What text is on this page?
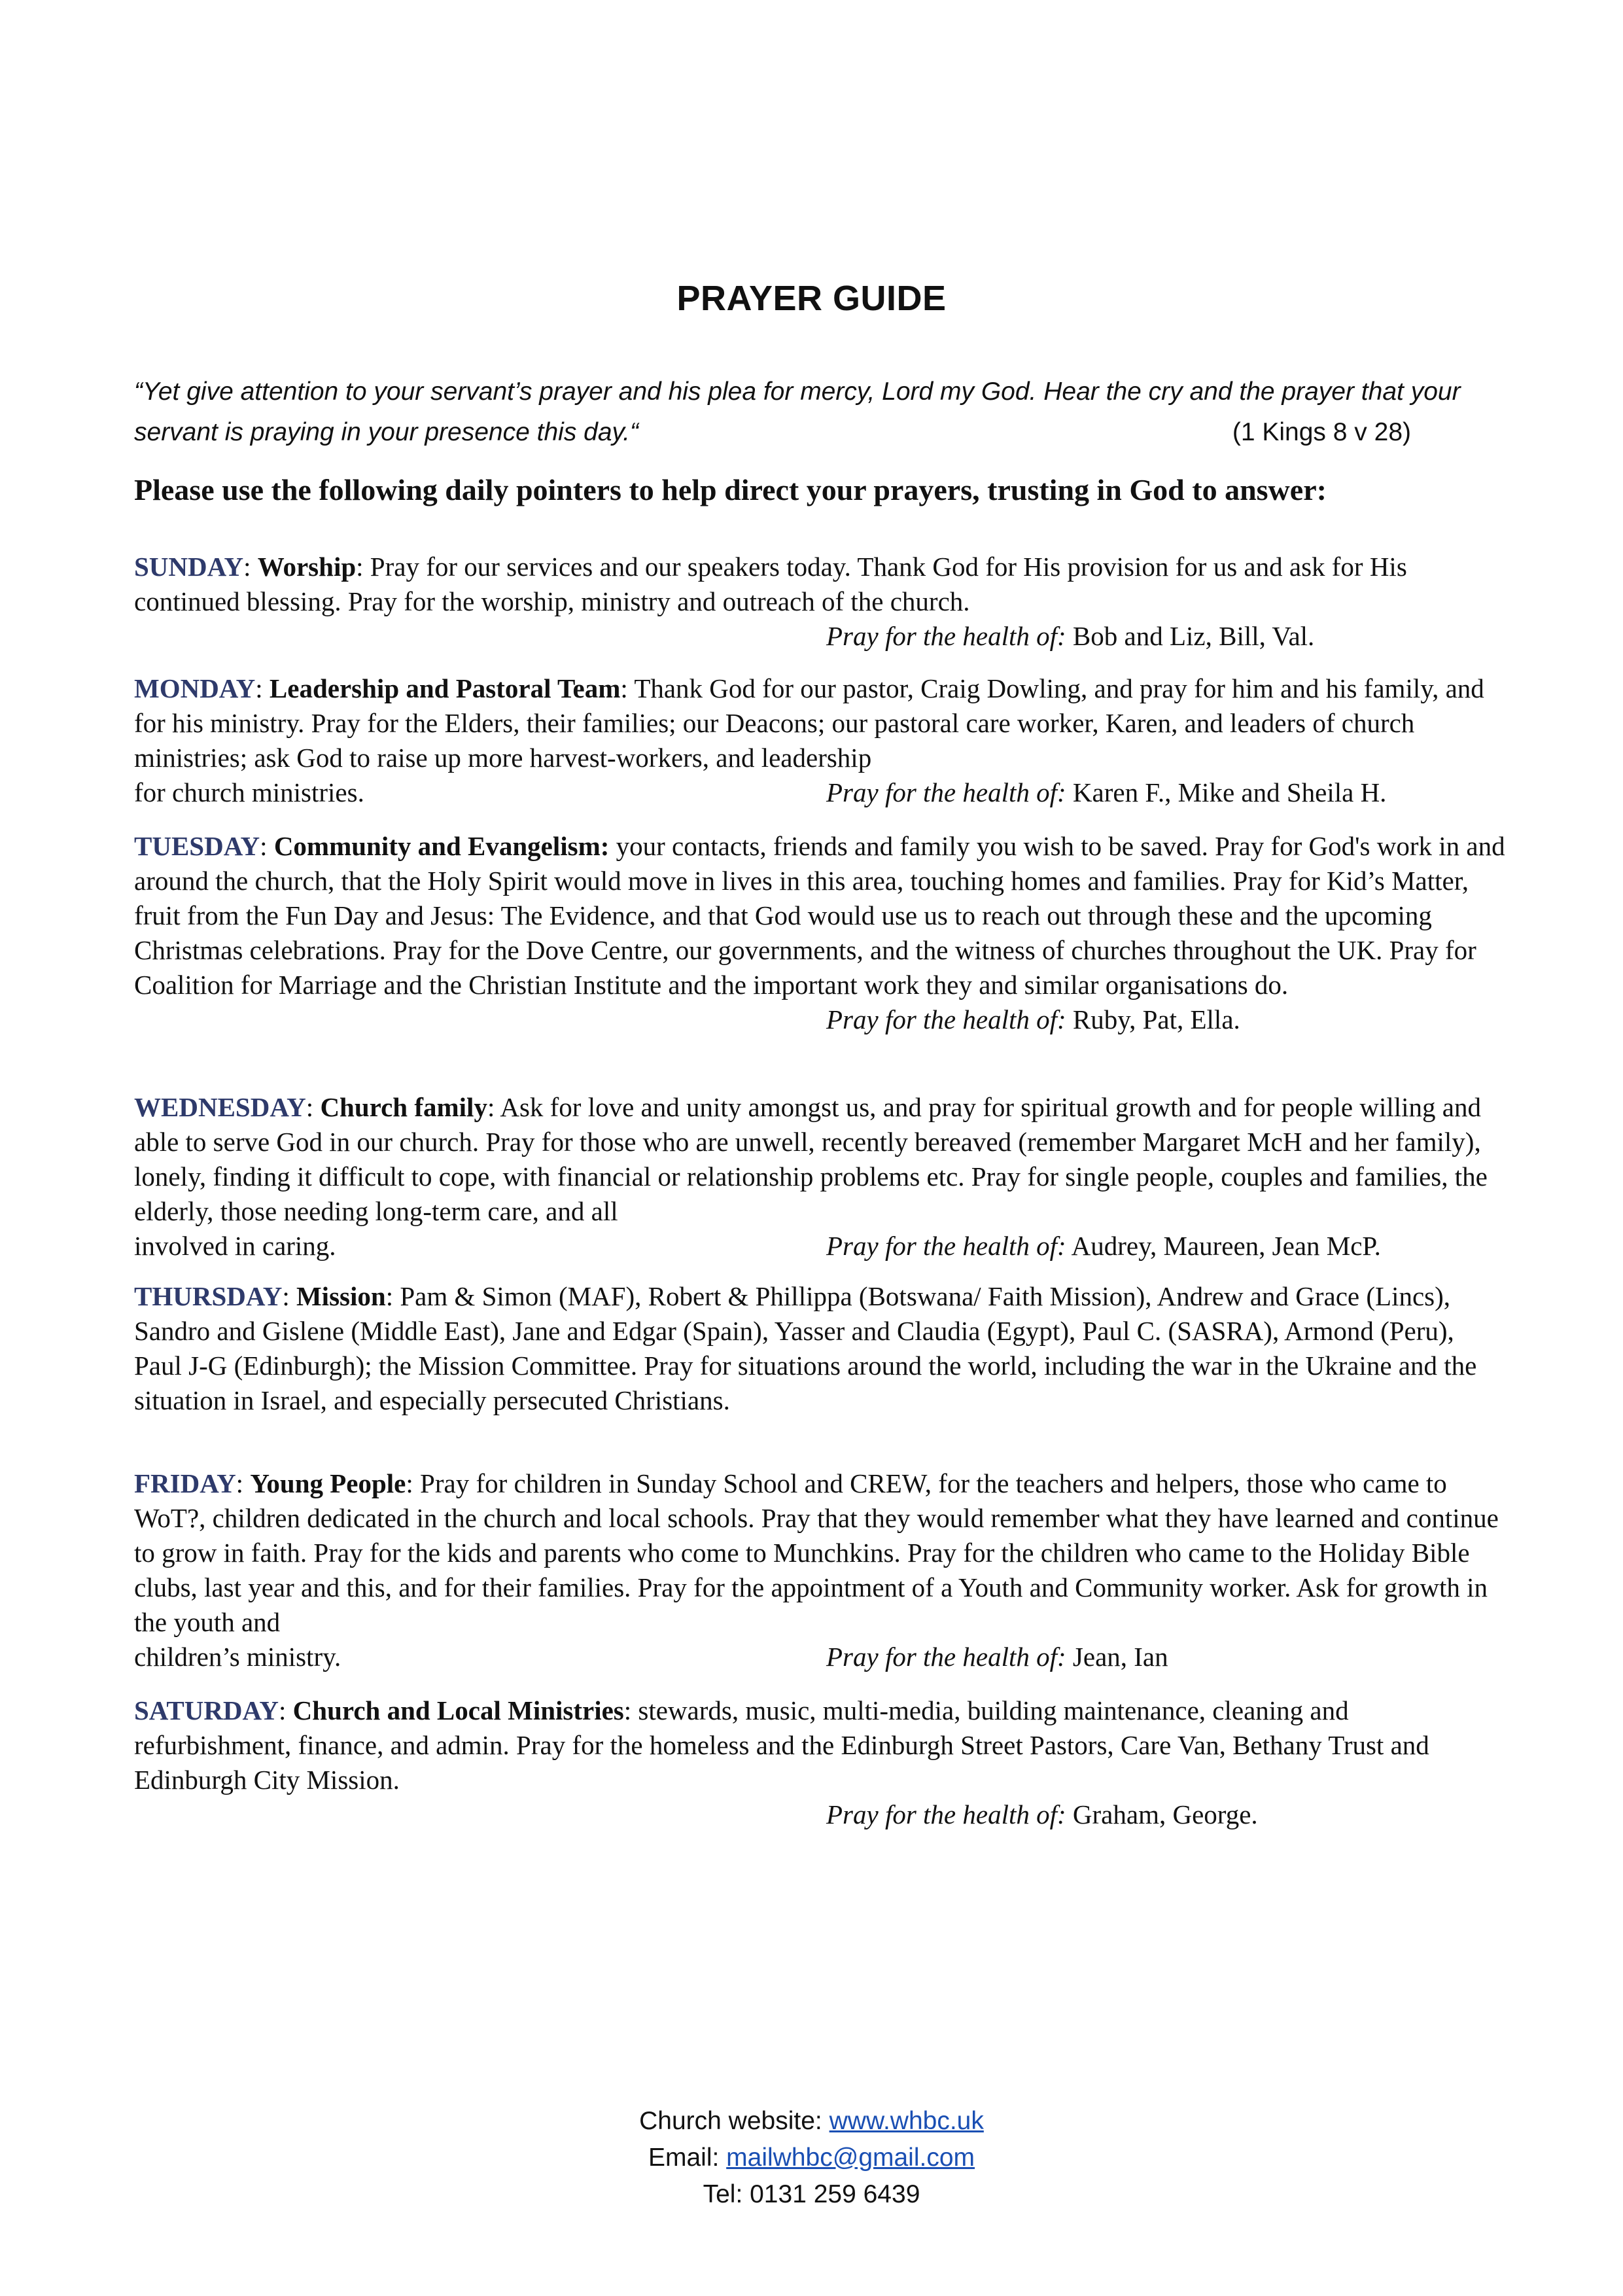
PRAYER GUIDE
“Yet give attention to your servant’s prayer and his plea for mercy, Lord my God. Hear the cry and the prayer that your servant is praying in your presence this day.“	(1 Kings 8 v 28)
Please use the following daily pointers to help direct your prayers, trusting in God to answer:

SUNDAY: Worship: Pray for our services and our speakers today. Thank God for His provision for us and ask for His continued blessing. Pray for the worship, ministry and outreach of the church.

Pray for the health of: Bob and Liz, Bill, Val.

MONDAY: Leadership and Pastoral Team: Thank God for our pastor, Craig Dowling, and pray for him and his family, and for his ministry. Pray for the Elders, their families; our Deacons; our pastoral care worker, Karen, and leaders of church ministries; ask God to raise up more harvest-workers, and leadership

for church ministries.	Pray for the health of: Karen F., Mike and Sheila H.

TUESDAY: Community and Evangelism: your contacts, friends and family you wish to be saved. Pray for God's work in and around the church, that the Holy Spirit would move in lives in this area, touching homes and families. Pray for Kid’s Matter, fruit from the Fun Day and Jesus: The Evidence, and that God would use us to reach out through these and the upcoming Christmas celebrations. Pray for the Dove Centre, our governments, and the witness of churches throughout the UK. Pray for Coalition for Marriage and the Christian Institute and the important work they and similar organisations do.

Pray for the health of: Ruby, Pat, Ella.

WEDNESDAY: Church family: Ask for love and unity amongst us, and pray for spiritual growth and for people willing and able to serve God in our church. Pray for those who are unwell, recently bereaved (remember Margaret McH and her family), lonely, finding it difficult to cope, with financial or relationship problems etc. Pray for single people, couples and families, the elderly, those needing long-term care, and all

involved in caring.	Pray for the health of: Audrey, Maureen, Jean McP.

THURSDAY: Mission: Pam & Simon (MAF), Robert & Phillippa (Botswana/ Faith Mission), Andrew and Grace (Lincs), Sandro and Gislene (Middle East), Jane and Edgar (Spain), Yasser and Claudia (Egypt), Paul C. (SASRA), Armond (Peru), Paul J-G (Edinburgh); the Mission Committee. Pray for situations around the world, including the war in the Ukraine and the situation in Israel, and especially persecuted Christians.

FRIDAY: Young People: Pray for children in Sunday School and CREW, for the teachers and helpers, those who came to WoT?, children dedicated in the church and local schools. Pray that they would remember what they have learned and continue to grow in faith. Pray for the kids and parents who come to Munchkins. Pray for the children who came to the Holiday Bible clubs, last year and this, and for their families. Pray for the appointment of a Youth and Community worker. Ask for growth in the youth and

children’s ministry.	Pray for the health of: Jean, Ian

SATURDAY: Church and Local Ministries: stewards, music, multi-media, building maintenance, cleaning and refurbishment, finance, and admin. Pray for the homeless and the Edinburgh Street Pastors, Care Van, Bethany Trust and Edinburgh City Mission.

Pray for the health of: Graham, George.
Church website: www.whbc.uk
Email: mailwhbc@gmail.com
Tel: 0131 259 6439
